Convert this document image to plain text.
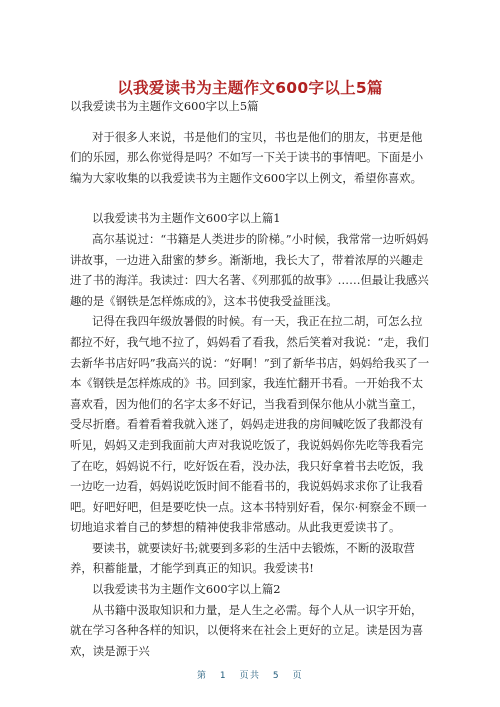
以我爱读书为主题作文600字以上5篇

以我爱读书为主题作文600字以上5篇

对于很多人来说，书是他们的宝贝，书也是他们的朋友，书更是他们的乐园，那么你觉得是吗？不如写一下关于读书的事情吧。下面是小编为大家收集的以我爱读书为主题作文600字以上例文，希望你喜欢。

以我爱读书为主题作文600字以上篇1

高尔基说过：“书籍是人类进步的阶梯。”小时候，我常常一边听妈妈讲故事，一边进入甜蜜的梦乡。渐渐地，我长大了，带着浓厚的兴趣走进了书的海洋。我读过：四大名著、《列那狐的故事》……但最让我感兴趣的是《钢铁是怎样炼成的》，这本书使我受益匪浅。

记得在我四年级放暑假的时候。有一天，我正在拉二胡，可怎么拉都拉不好，我气地不拉了，妈妈看了看我，然后笑着对我说：“走，我们去新华书店好吗”我高兴的说：“好啊！”到了新华书店，妈妈给我买了一本《钢铁是怎样炼成的》书。回到家，我连忙翻开书看。一开始我不太喜欢看，因为他们的名字太多不好记，当我看到保尔他从小就当童工，受尽折磨。看着看着我就入迷了，妈妈走进我的房间喊吃饭了我都没有听见，妈妈又走到我面前大声对我说吃饭了，我说妈妈你先吃等我看完了在吃，妈妈说不行，吃好饭在看，没办法，我只好拿着书去吃饭，我一边吃一边看，妈妈说吃饭时间不能看书的，我说妈妈求求你了让我看吧。好吧好吧，但是要吃快一点。这本书特别好看，保尔·柯察金不顾一切地追求着自己的梦想的精神使我非常感动。从此我更爱读书了。

要读书，就要读好书;就要到多彩的生活中去锻炼，不断的汲取营养，积蓄能量，才能学到真正的知识。我爱读书!

以我爱读书为主题作文600字以上篇2

从书籍中汲取知识和力量，是人生之必需。每个人从一识字开始，就在学习各种各样的知识，以便将来在社会上更好的立足。读是因为喜欢，读是源于兴

第 1 页共 5 页
